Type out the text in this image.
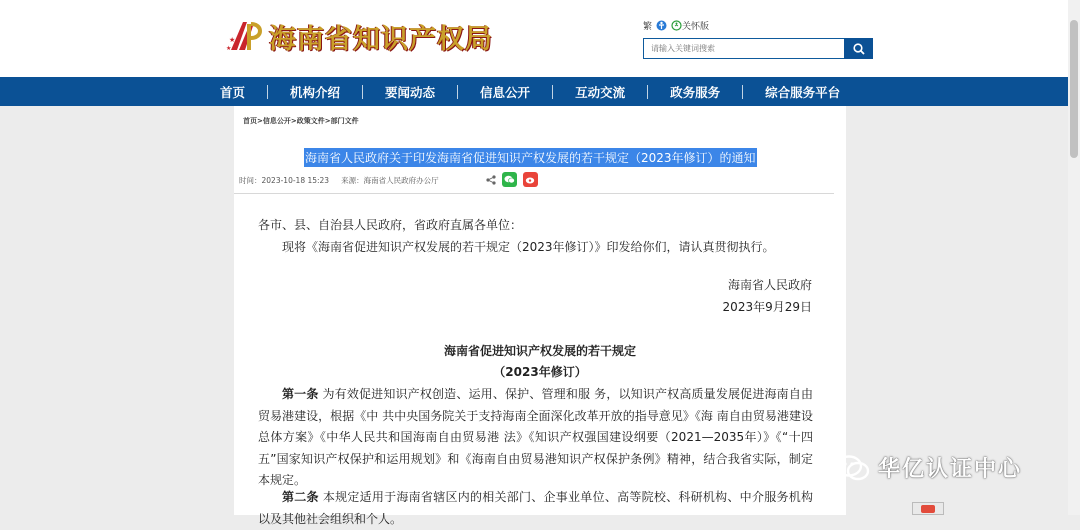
★
★ 海南省知识产权局	繁	关怀版
请输入关键词搜索
首页	机构介绍	要闻动态	信息公开	互动交流	政务服务	综合服务平台
首页>信息公开>政策文件>部门文件
海南省人民政府关于印发海南省促进知识产权发展的若干规定（2023年修订）的通知
时间：2023-10-18 15:23 来源：海南省人民政府办公厅
各市、县、自治县人民政府，省政府直属各单位：
现将《海南省促进知识产权发展的若干规定（2023年修订）》印发给你们，请认真贯彻执行。
海南省人民政府
2023年9月29日
海南省促进知识产权发展的若干规定
（2023年修订）
第一条 为有效促进知识产权创造、运用、保护、管理和服 务，以知识产权高质量发展促进海南自由贸易港建设，根据《中 共中央国务院关于支持海南全面深化改革开放的指导意见》《海 南自由贸易港建设总体方案》《中华人民共和国海南自由贸易港 法》《知识产权强国建设纲要（2021—2035年）》《“十四五”国家知识产权保护和运用规划》和《海南自由贸易港知识产权保护条例》精神，结合我省实际，制定本规定。
第二条 本规定适用于海南省辖区内的相关部门、企事业单位、高等院校、科研机构、中介服务机构以及其他社会组织和个人。
华亿认证中心
